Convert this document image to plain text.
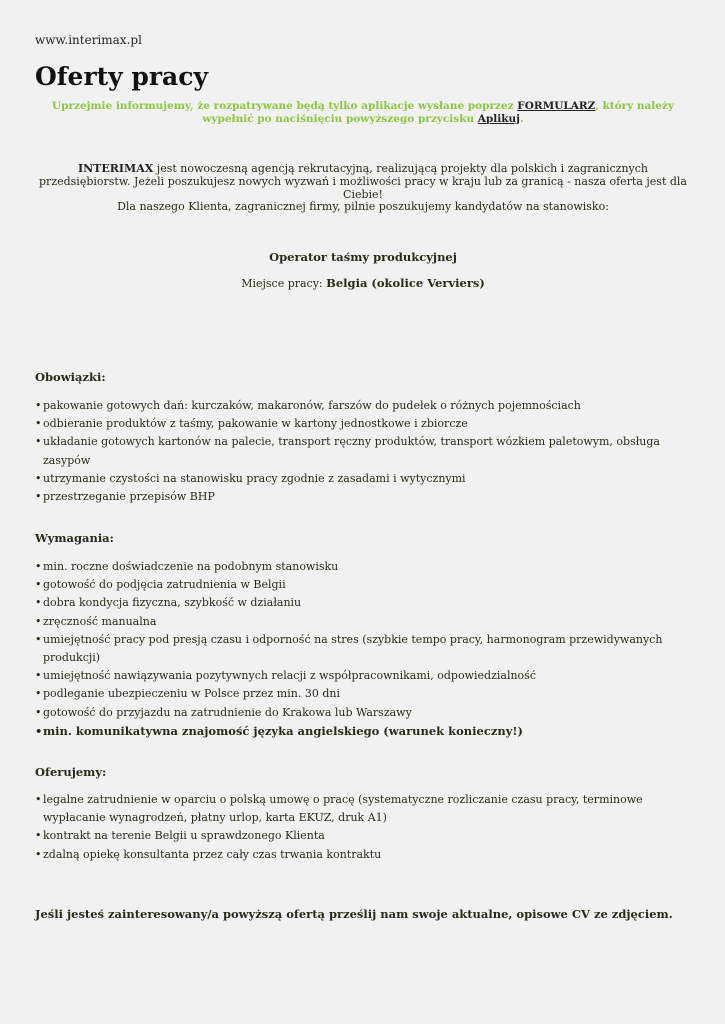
www.interimax.pl
Oferty pracy
Uprzejmie informujemy, że rozpatrywane będą tylko aplikacje wysłane poprzez FORMULARZ, który należy wypełnić po naciśnięciu powyższego przycisku Aplikuj.
INTERIMAX jest nowoczesną agencją rekrutacyjną, realizującą projekty dla polskich i zagranicznych przedsiębiorstw. Jeżeli poszukujesz nowych wyzwań i możliwości pracy w kraju lub za granicą - nasza oferta jest dla Ciebie!
Dla naszego Klienta, zagranicznej firmy, pilnie poszukujemy kandydatów na stanowisko:
Operator taśmy produkcyjnej
Miejsce pracy: Belgia (okolice Verviers)
Obowiązki:
• pakowanie gotowych dań: kurczaków, makaronów, farszów do pudełek o różnych pojemnościach
• odbieranie produktów z taśmy, pakowanie w kartony jednostkowe i zbiorcze
• układanie gotowych kartonów na palecie, transport ręczny produktów, transport wózkiem paletowym, obsługa zasypów
• utrzymanie czystości na stanowisku pracy zgodnie z zasadami i wytycznymi
• przestrzeganie przepisów BHP
Wymagania:
• min. roczne doświadczenie na podobnym stanowisku
• gotowość do podjęcia zatrudnienia w Belgii
• dobra kondycja fizyczna, szybkość w działaniu
• zręczność manualna
• umiejętność pracy pod presją czasu i odporność na stres (szybkie tempo pracy, harmonogram przewidywanych produkcji)
• umiejętność nawiązywania pozytywnych relacji z współpracownikami, odpowiedzialność
• podleganie ubezpieczeniu w Polsce przez min. 30 dni
• gotowość do przyjazdu na zatrudnienie do Krakowa lub Warszawy
• min. komunikatywna znajomość języka angielskiego (warunek konieczny!)
Oferujemy:
• legalne zatrudnienie w oparciu o polską umowę o pracę (systematyczne rozliczanie czasu pracy, terminowe wypłacanie wynagrodzeń, płatny urlop, karta EKUZ, druk A1)
• kontrakt na terenie Belgii u sprawdzonego Klienta
• zdalną opiekę konsultanta przez cały czas trwania kontraktu
Jeśli jesteś zainteresowany/a powyższą ofertą prześlij nam swoje aktualne, opisowe CV ze zdjęciem.
